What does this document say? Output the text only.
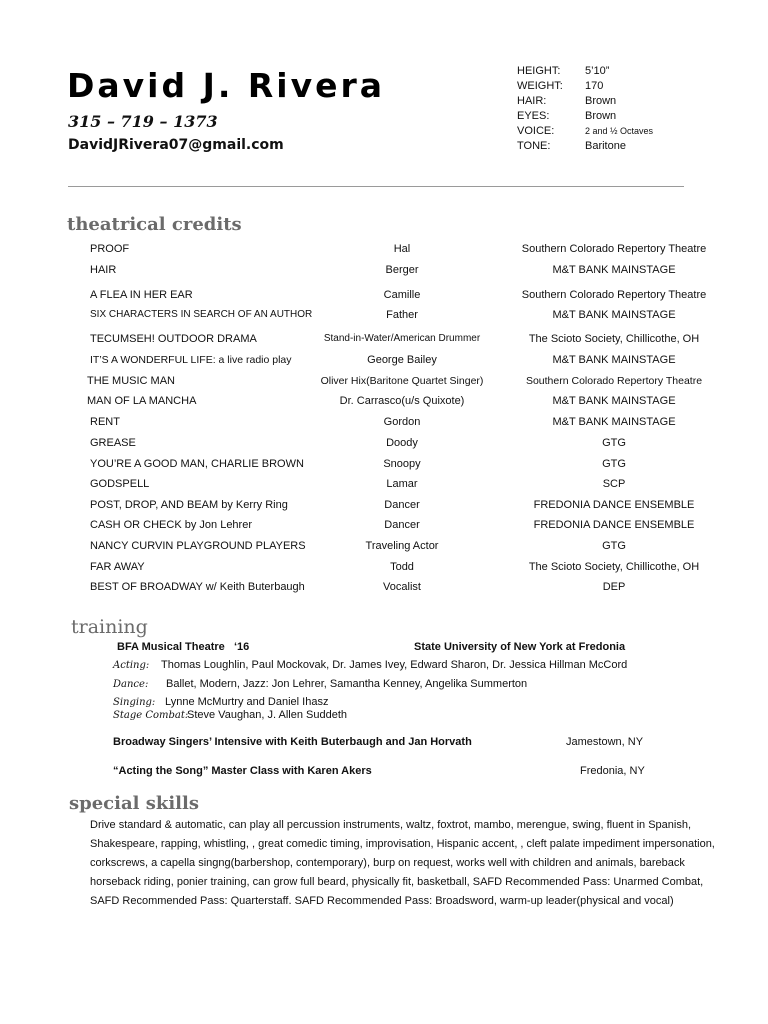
David J. Rivera
315 – 719 – 1373
DavidJRivera07@gmail.com
HEIGHT: 5’10”
WEIGHT: 170
HAIR:	Brown
EYES:	Brown
VOICE:	2 and ½ Octaves
TONE:	Baritone
theatrical credits
PROOF	Hal	Southern Colorado Repertory Theatre
HAIR	Berger	M&T BANK MAINSTAGE
A FLEA IN HER EAR	Camille	Southern Colorado Repertory Theatre
SIX CHARACTERS IN SEARCH OF AN AUTHOR	Father	M&T BANK MAINSTAGE
TECUMSEH! OUTDOOR DRAMA	Stand-in-Water/American Drummer	The Scioto Society, Chillicothe, OH
IT’S A WONDERFUL LIFE: a live radio play	George Bailey	M&T BANK MAINSTAGE
THE MUSIC MAN	Oliver Hix(Baritone Quartet Singer)	Southern Colorado Repertory Theatre
MAN OF LA MANCHA	Dr. Carrasco(u/s Quixote)	M&T BANK MAINSTAGE
RENT	Gordon	M&T BANK MAINSTAGE
GREASE	Doody	GTG
YOU’RE A GOOD MAN, CHARLIE BROWN	Snoopy	GTG
GODSPELL	Lamar	SCP
POST, DROP, AND BEAM by Kerry Ring	Dancer	FREDONIA DANCE ENSEMBLE
CASH OR CHECK by Jon Lehrer	Dancer	FREDONIA DANCE ENSEMBLE
NANCY CURVIN PLAYGROUND PLAYERS	Traveling Actor	GTG
FAR AWAY	Todd	The Scioto Society, Chillicothe, OH
BEST OF BROADWAY w/ Keith Buterbaugh	Vocalist	DEP
training
BFA Musical Theatre   ‘16	State University of New York at Fredonia
Acting: Thomas Loughlin, Paul Mockovak, Dr. James Ivey, Edward Sharon, Dr. Jessica Hillman McCord
Dance: Ballet, Modern, Jazz: Jon Lehrer, Samantha Kenney, Angelika Summerton
Singing: Lynne McMurtry and Daniel Ihasz
Stage Combat:Steve Vaughan, J. Allen Suddeth
Broadway Singers’ Intensive with Keith Buterbaugh and Jan Horvath	Jamestown, NY
“Acting the Song” Master Class with Karen Akers	Fredonia, NY
special skills

Drive standard & automatic, can play all percussion instruments, waltz, foxtrot, mambo, merengue, swing, fluent in Spanish, Shakespeare, rapping, whistling, , great comedic timing, improvisation, Hispanic accent, , cleft palate impediment impersonation, corkscrews, a capella singng(barbershop, contemporary), burp on request, works well with children and animals, bareback horseback riding, ponier training, can grow full beard, physically fit, basketball, SAFD Recommended Pass: Unarmed Combat, SAFD Recommended Pass: Quarterstaff. SAFD Recommended Pass: Broadsword, warm-up leader(physical and vocal)
